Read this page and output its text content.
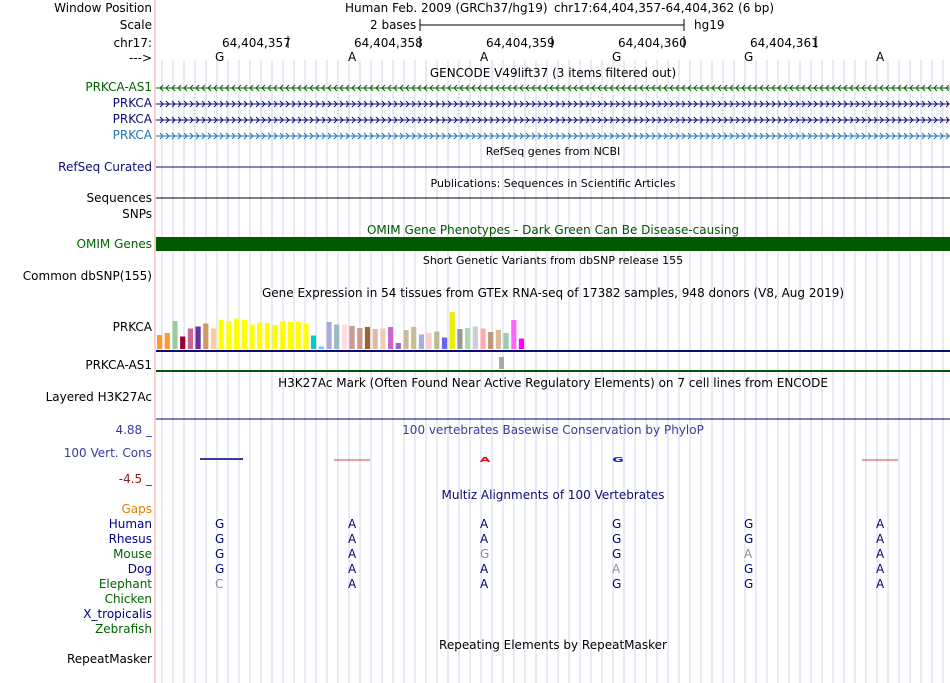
A	G
Window Position	Human Feb. 2009 (GRCh37/hg19) chr17:64,404,357-64,404,362 (6 bp)
Scale	2 bases	hg19
chr17:	64,404,357	64,404,358	64,404,359	64,404,360	64,404,361
--->	G	A	A	G	G	A
GENCODE V49lift37 (3 items filtered out)
PRKCA-AS1
PRKCA
PRKCA
PRKCA
RefSeq genes from NCBI
RefSeq Curated
Publications: Sequences in Scientific Articles
Sequences
SNPs
OMIM Gene Phenotypes - Dark Green Can Be Disease-causing
OMIM Genes
Short Genetic Variants from dbSNP release 155
Common dbSNP(155)
Gene Expression in 54 tissues from GTEx RNA-seq of 17382 samples, 948 donors (V8, Aug 2019)
PRKCA
PRKCA-AS1
H3K27Ac Mark (Often Found Near Active Regulatory Elements) on 7 cell lines from ENCODE
Layered H3K27Ac
100 vertebrates Basewise Conservation by PhyloP
4.88 _
100 Vert. Cons
-4.5 _
Multiz Alignments of 100 Vertebrates
Gaps
Human	G	A	A	G	G	A
Rhesus	G	A	A	G	G	A
Mouse	G	A	G	G	A	A
Dog	G	A	A	A	G	A
Elephant	C	A	A	G	G	A
Chicken
X_tropicalis
Zebrafish
Repeating Elements by RepeatMasker
RepeatMasker
